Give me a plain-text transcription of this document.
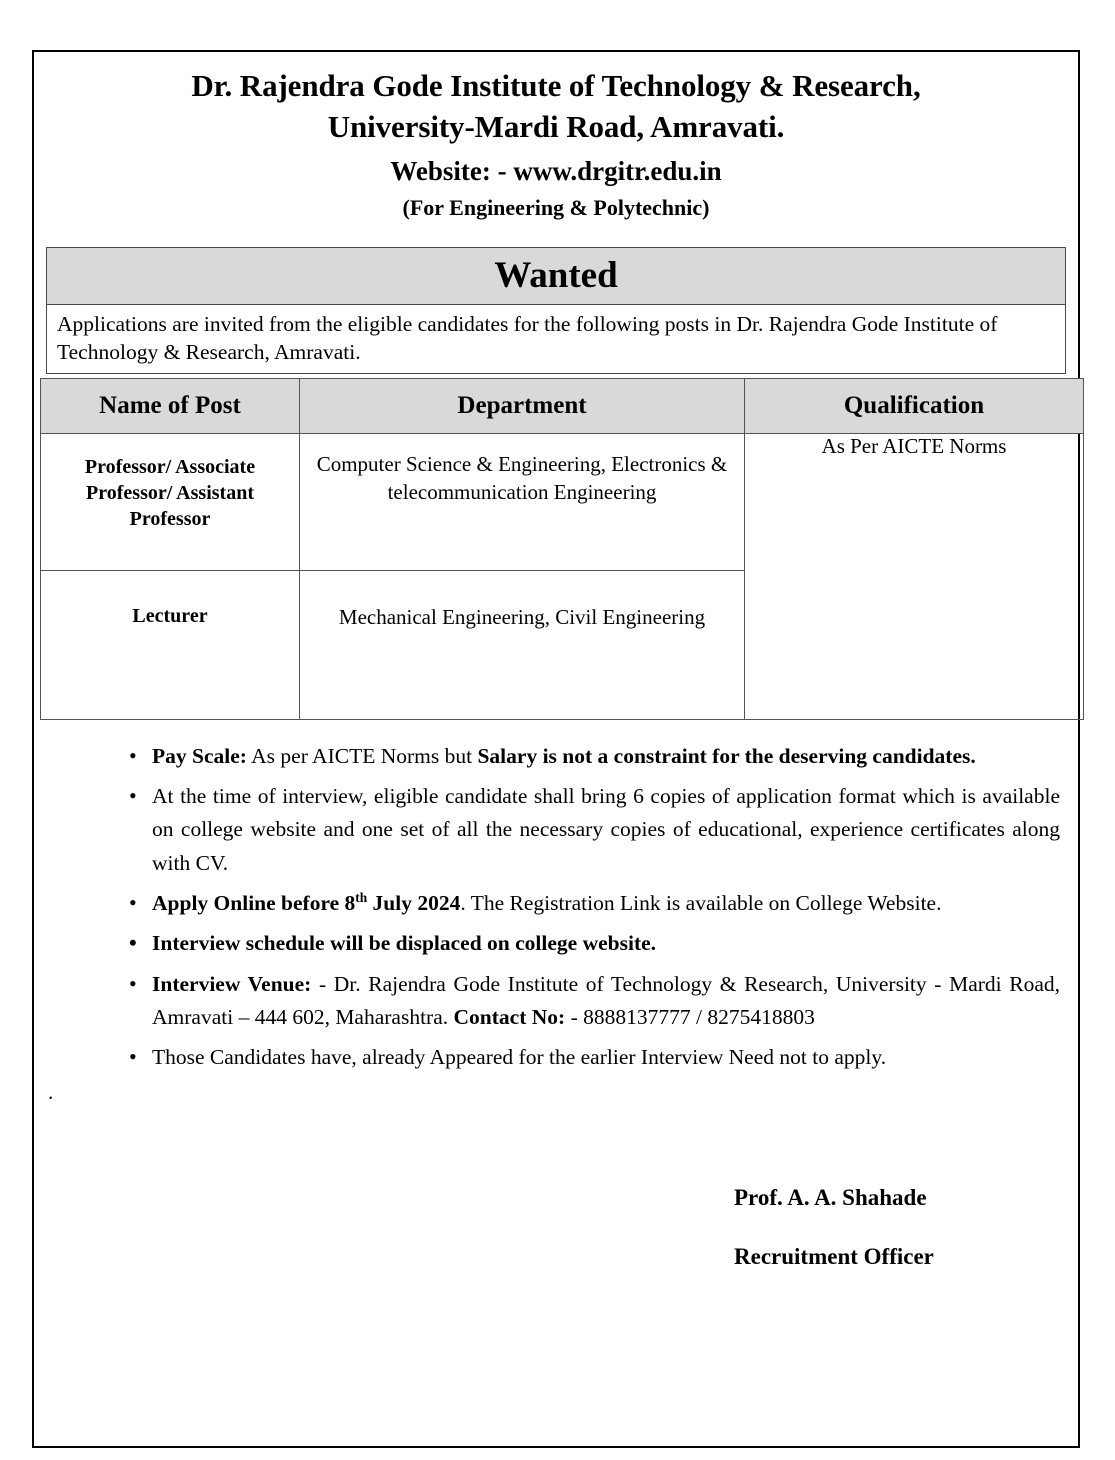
Dr. Rajendra Gode Institute of Technology & Research,
University-Mardi Road, Amravati.
Website: - www.drgitr.edu.in
(For Engineering & Polytechnic)
Wanted
Applications are invited from the eligible candidates for the following posts in Dr. Rajendra Gode Institute of Technology & Research, Amravati.
Name of Post	Department	Qualification
Professor/ Associate Professor/ Assistant Professor	Computer Science & Engineering, Electronics & telecommunication Engineering	As Per AICTE Norms
Lecturer	Mechanical Engineering, Civil Engineering	
• Pay Scale: As per AICTE Norms but Salary is not a constraint for the deserving candidates.
• At the time of interview, eligible candidate shall bring 6 copies of application format which is available on college website and one set of all the necessary copies of educational, experience certificates along with CV.
• Apply Online before 8th July 2024. The Registration Link is available on College Website.
• Interview schedule will be displaced on college website.
• Interview Venue: - Dr. Rajendra Gode Institute of Technology & Research, University - Mardi Road, Amravati – 444 602, Maharashtra. Contact No: - 8888137777 / 8275418803
• Those Candidates have, already Appeared for the earlier Interview Need not to apply.
.
Prof. A. A. Shahade
Recruitment Officer
